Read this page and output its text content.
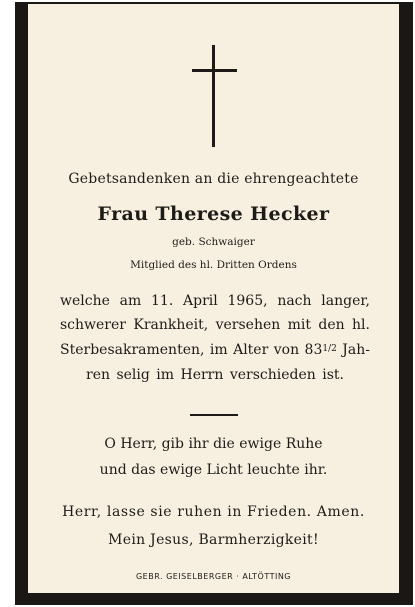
Gebetsandenken an die ehrengeachtete
Frau Therese Hecker
geb. Schwaiger
Mitglied des hl. Dritten Ordens
welche am 11. April 1965, nach langer,
schwerer Krankheit, versehen mit den hl.
Sterbesakramenten, im Alter von $83^{1/2}$ Jah-
ren selig im Herrn verschieden ist.
O Herr, gib ihr die ewige Ruhe
und das ewige Licht leuchte ihr.
Herr, lasse sie ruhen in Frieden. Amen.
Mein Jesus, Barmherzigkeit!
GEBR. GEISELBERGER · ALTÖTTING
